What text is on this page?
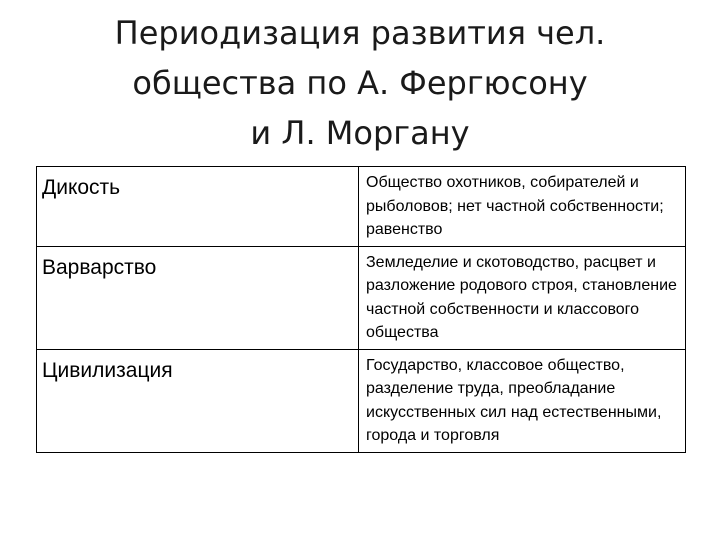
Периодизация развития чел.
общества по А. Фергюсону
и Л. Моргану
Дикость	Общество охотников, собирателей и рыболовов; нет частной собственности; равенство
Варварство	Земледелие и скотоводство, расцвет и разложение родового строя, становление частной собственности и классового общества
Цивилизация	Государство, классовое общество, разделение труда, преобладание искусственных сил над естественными, города и торговля
